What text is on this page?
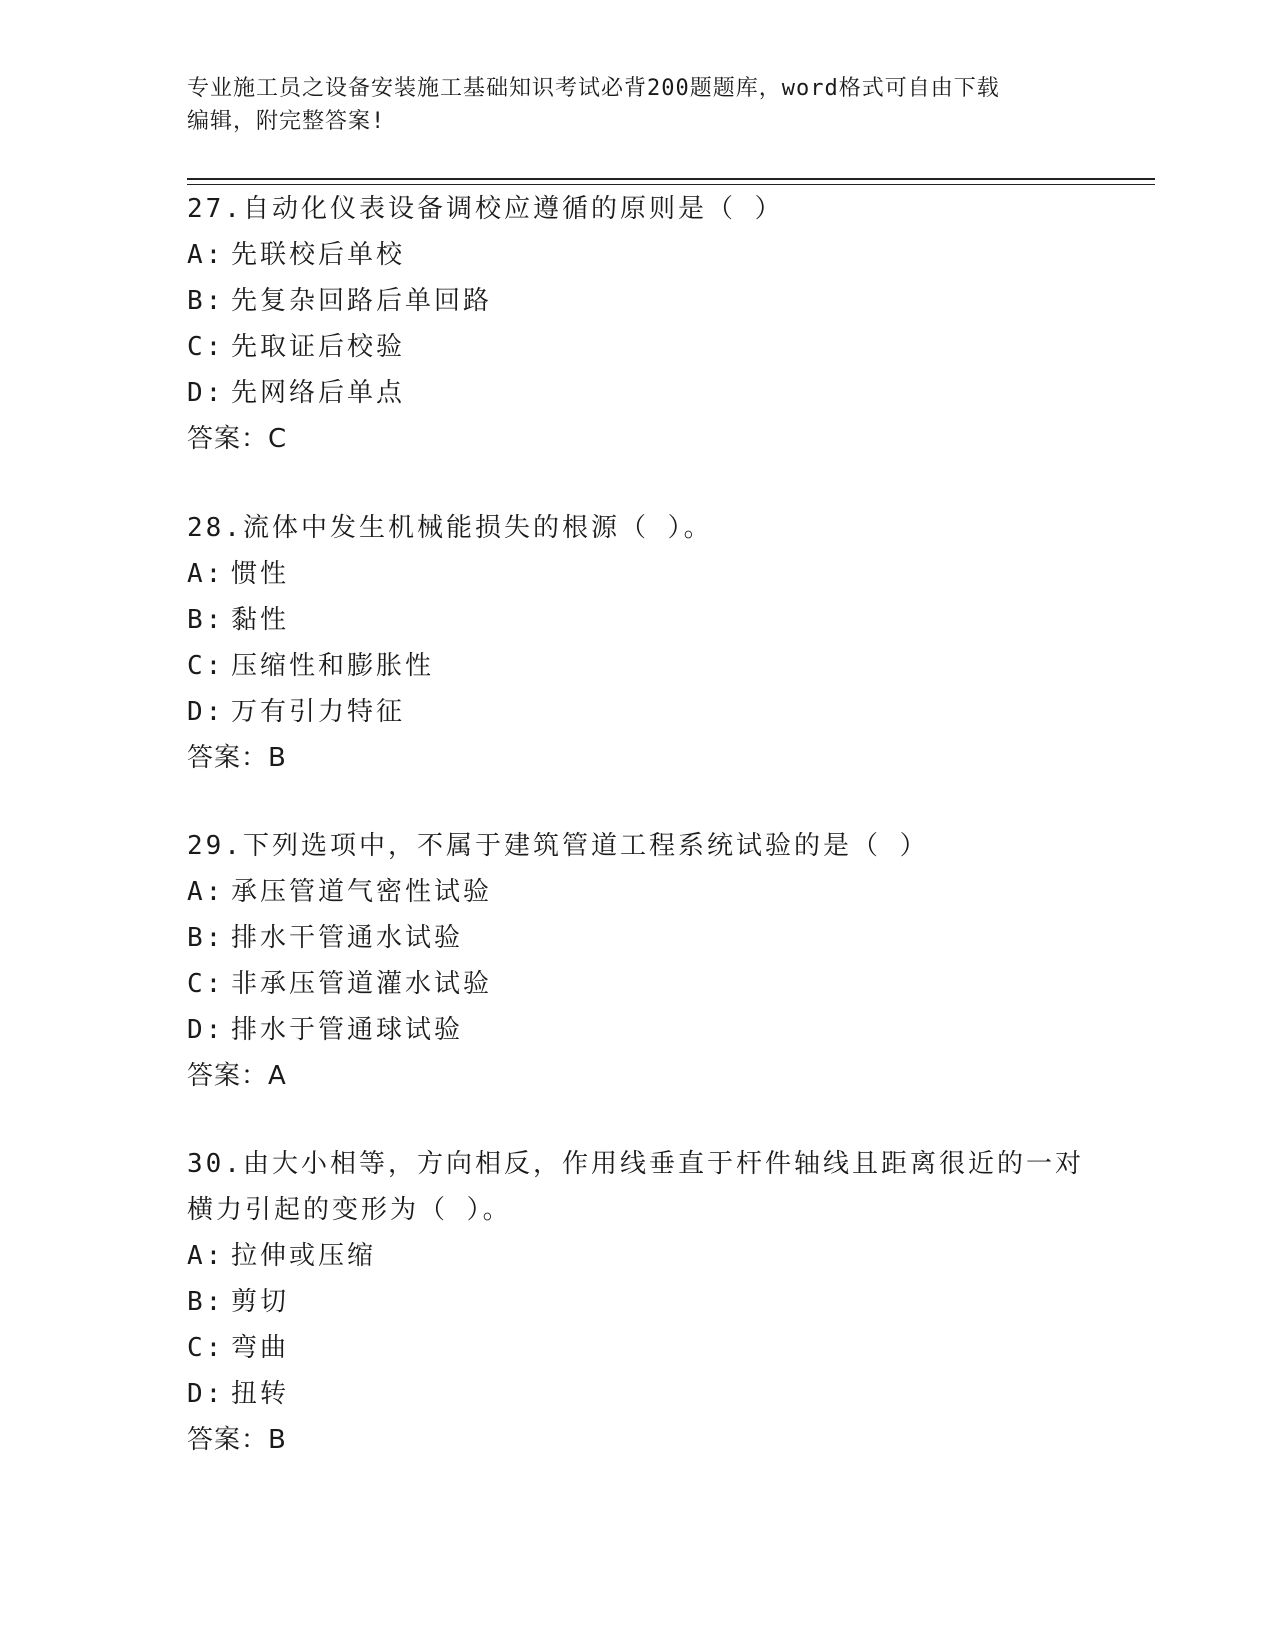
专业施工员之设备安装施工基础知识考试必背200题题库，word格式可自由下载
编辑，附完整答案!
27.自动化仪表设备调校应遵循的原则是（ ）
A: 先联校后单校
B: 先复杂回路后单回路
C: 先取证后校验
D: 先网络后单点
答案：C
28.流体中发生机械能损失的根源（ ）。
A: 惯性
B: 黏性
C: 压缩性和膨胀性
D: 万有引力特征
答案：B
29.下列选项中，不属于建筑管道工程系统试验的是（ ）
A: 承压管道气密性试验
B: 排水干管通水试验
C: 非承压管道灌水试验
D: 排水于管通球试验
答案：A
30.由大小相等，方向相反，作用线垂直于杆件轴线且距离很近的一对
横力引起的变形为（ ）。
A: 拉伸或压缩
B: 剪切
C: 弯曲
D: 扭转
答案：B
